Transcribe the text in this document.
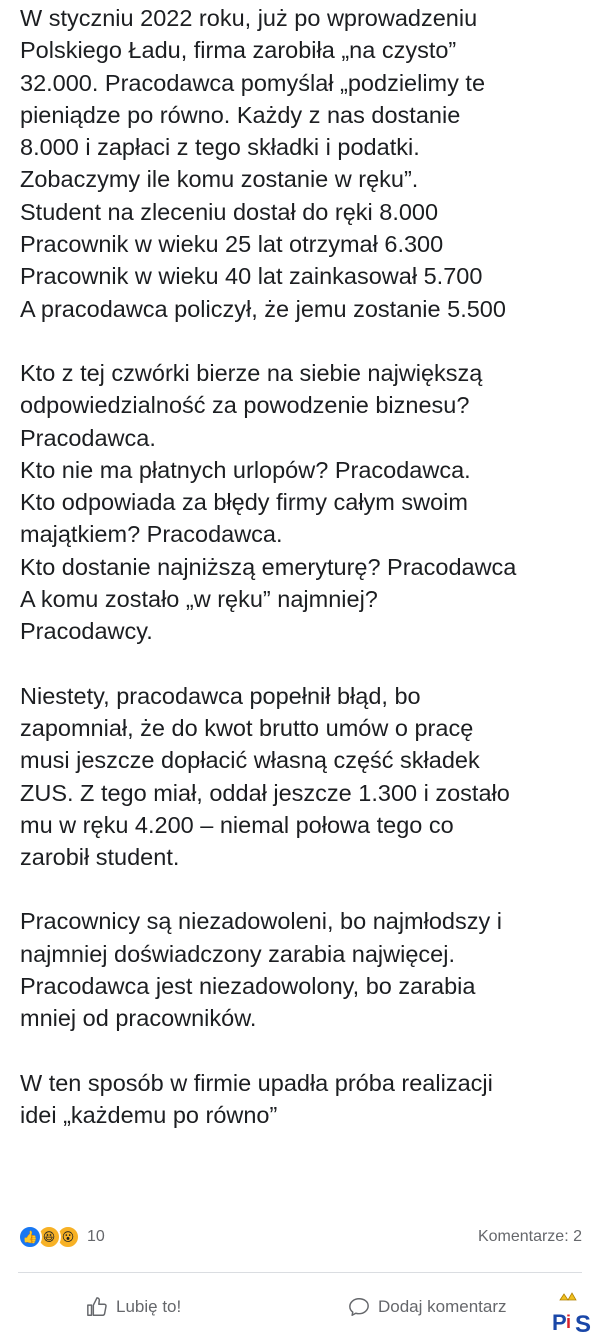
W styczniu 2022 roku, już po wprowadzeniu
Polskiego Ładu, firma zarobiła „na czysto”
32.000. Pracodawca pomyślał „podzielimy te
pieniądze po równo. Każdy z nas dostanie
8.000 i zapłaci z tego składki i podatki.
Zobaczymy ile komu zostanie w ręku”.
Student na zleceniu dostał do ręki 8.000
Pracownik w wieku 25 lat otrzymał 6.300
Pracownik w wieku 40 lat zainkasował 5.700
A pracodawca policzył, że jemu zostanie 5.500
Kto z tej czwórki bierze na siebie największą
odpowiedzialność za powodzenie biznesu?
Pracodawca.
Kto nie ma płatnych urlopów? Pracodawca.
Kto odpowiada za błędy firmy całym swoim
majątkiem? Pracodawca.
Kto dostanie najniższą emeryturę? Pracodawca
A komu zostało „w ręku” najmniej?
Pracodawcy.
Niestety, pracodawca popełnił błąd, bo
zapomniał, że do kwot brutto umów o pracę
musi jeszcze dopłacić własną część składek
ZUS. Z tego miał, oddał jeszcze 1.300 i zostało
mu w ręku 4.200 – niemal połowa tego co
zarobił student.
Pracownicy są niezadowoleni, bo najmłodszy i
najmniej doświadczony zarabia najwięcej.
Pracodawca jest niezadowolony, bo zarabia
mniej od pracowników.
W ten sposób w firmie upadła próba realizacji
idei „każdemu po równo”
👍 😆 😮 10	Komentarze: 2
Lubię to!	Dodaj komentarz
P i S
